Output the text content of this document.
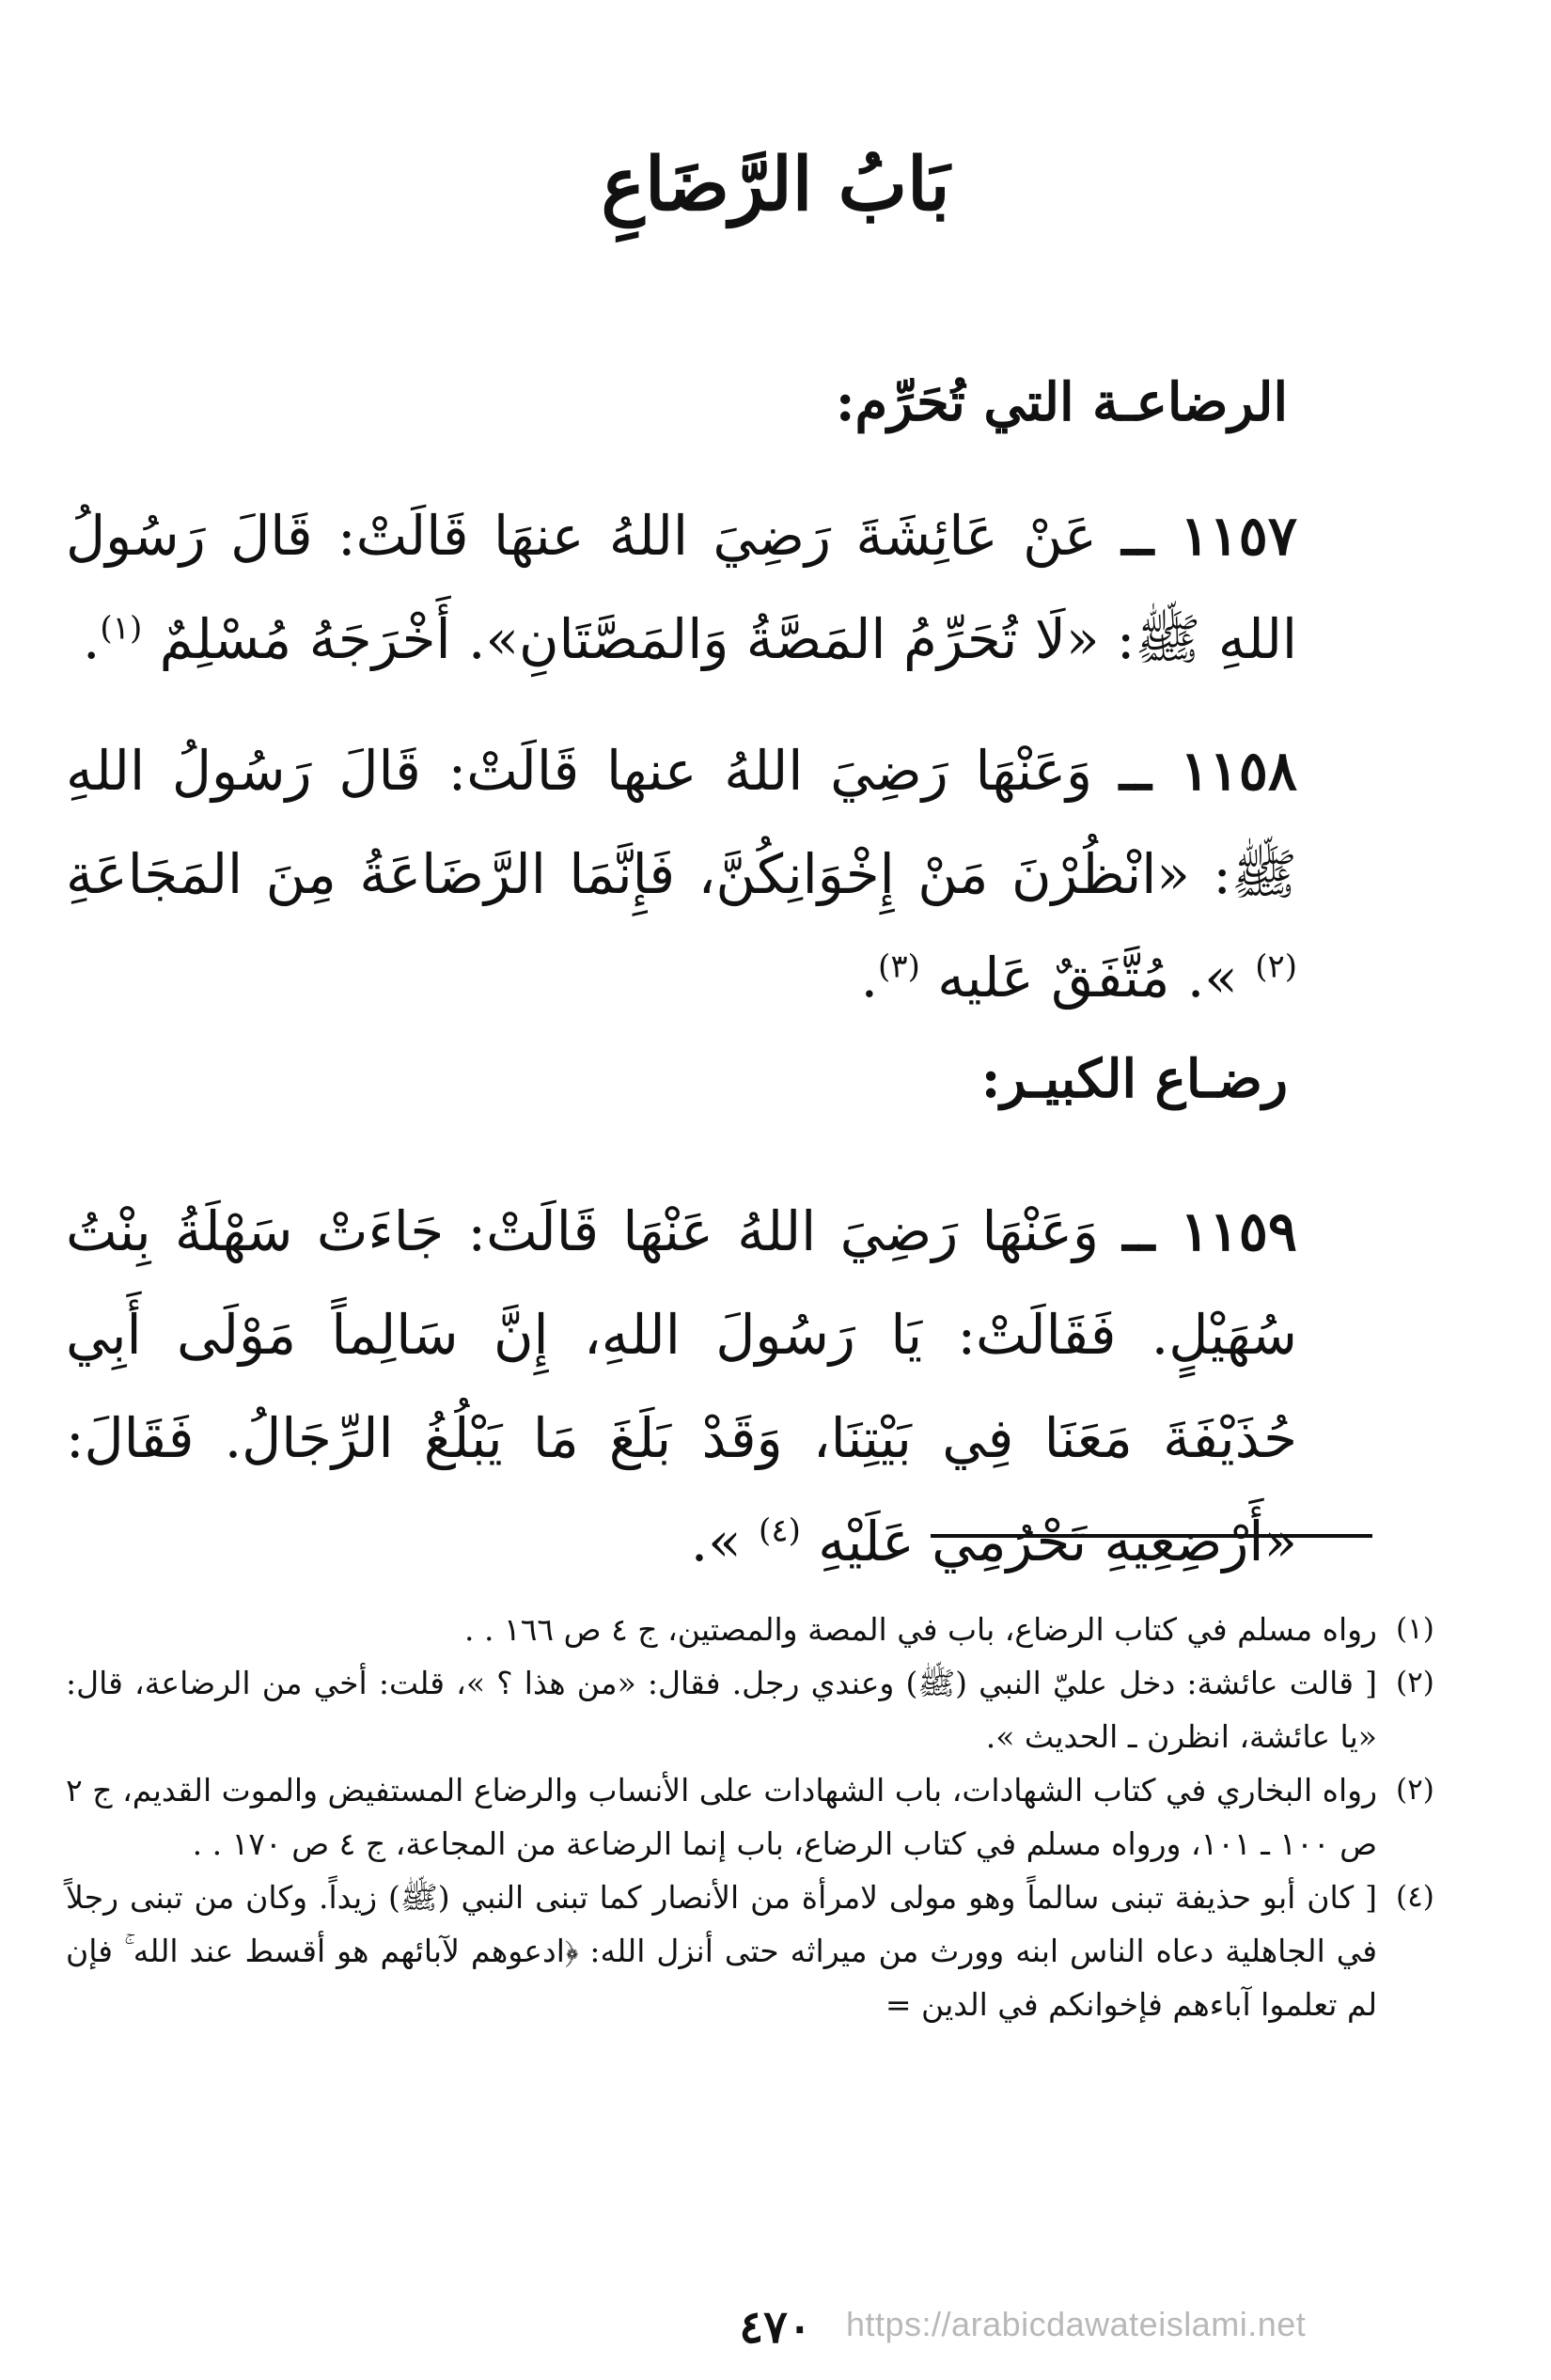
بَابُ الرَّضَاعِ
الرضاعـة التي تُحَرِّم:

١١٥٧ ــ عَنْ عَائِشَةَ رَضِيَ اللهُ عنهَا قَالَتْ: قَالَ رَسُولُ اللهِ ﷺ: «لَا تُحَرِّمُ المَصَّةُ وَالمَصَّتَانِ». أَخْرَجَهُ مُسْلِمٌ $^{(١)}$.

١١٥٨ ــ وَعَنْهَا رَضِيَ اللهُ عنها قَالَتْ: قَالَ رَسُولُ اللهِ ﷺ: «انْظُرْنَ مَنْ إِخْوَانِكُنَّ، فَإِنَّمَا الرَّضَاعَةُ مِنَ المَجَاعَةِ $^{(٢)}$ ». مُتَّفَقٌ عَليه $^{(٣)}$.

رضـاع الكبيـر:

١١٥٩ ــ وَعَنْهَا رَضِيَ اللهُ عَنْهَا قَالَتْ: جَاءَتْ سَهْلَةُ بِنْتُ سُهَيْلٍ. فَقَالَتْ: يَا رَسُولَ اللهِ، إِنَّ سَالِماً مَوْلَى أَبِي حُذَيْفَةَ مَعَنَا فِي بَيْتِنَا، وَقَدْ بَلَغَ مَا يَبْلُغُ الرِّجَالُ. فَقَالَ: «أَرْضِعِيهِ تَحْرُمِي عَلَيْهِ $^{(٤)}$ ».

(١)
رواه مسلم في كتاب الرضاع، باب في المصة والمصتين، ج ٤ ص ١٦٦ . .
(٢)
[ قالت عائشة: دخل عليّ النبي (ﷺ) وعندي رجل. فقال: «من هذا ؟ »، قلت: أخي من الرضاعة، قال: «يا عائشة، انظرن ـ الحديث ».
(٢)
رواه البخاري في كتاب الشهادات، باب الشهادات على الأنساب والرضاع المستفيض والموت القديم، ج ٢ ص ١٠٠ ـ ١٠١، ورواه مسلم في كتاب الرضاع، باب إنما الرضاعة من المجاعة، ج ٤ ص ١٧٠ . .
(٤)
[ كان أبو حذيفة تبنى سالماً وهو مولى لامرأة من الأنصار كما تبنى النبي (ﷺ) زيداً. وكان من تبنى رجلاً في الجاهلية دعاه الناس ابنه وورث من ميراثه حتى أنزل الله: ﴿ادعوهم لآبائهم هو أقسط عند الله ۚ فإن لم تعلموا آباءهم فإخوانكم في الدين =
٤٧٠	https://arabicdawateislami.net
